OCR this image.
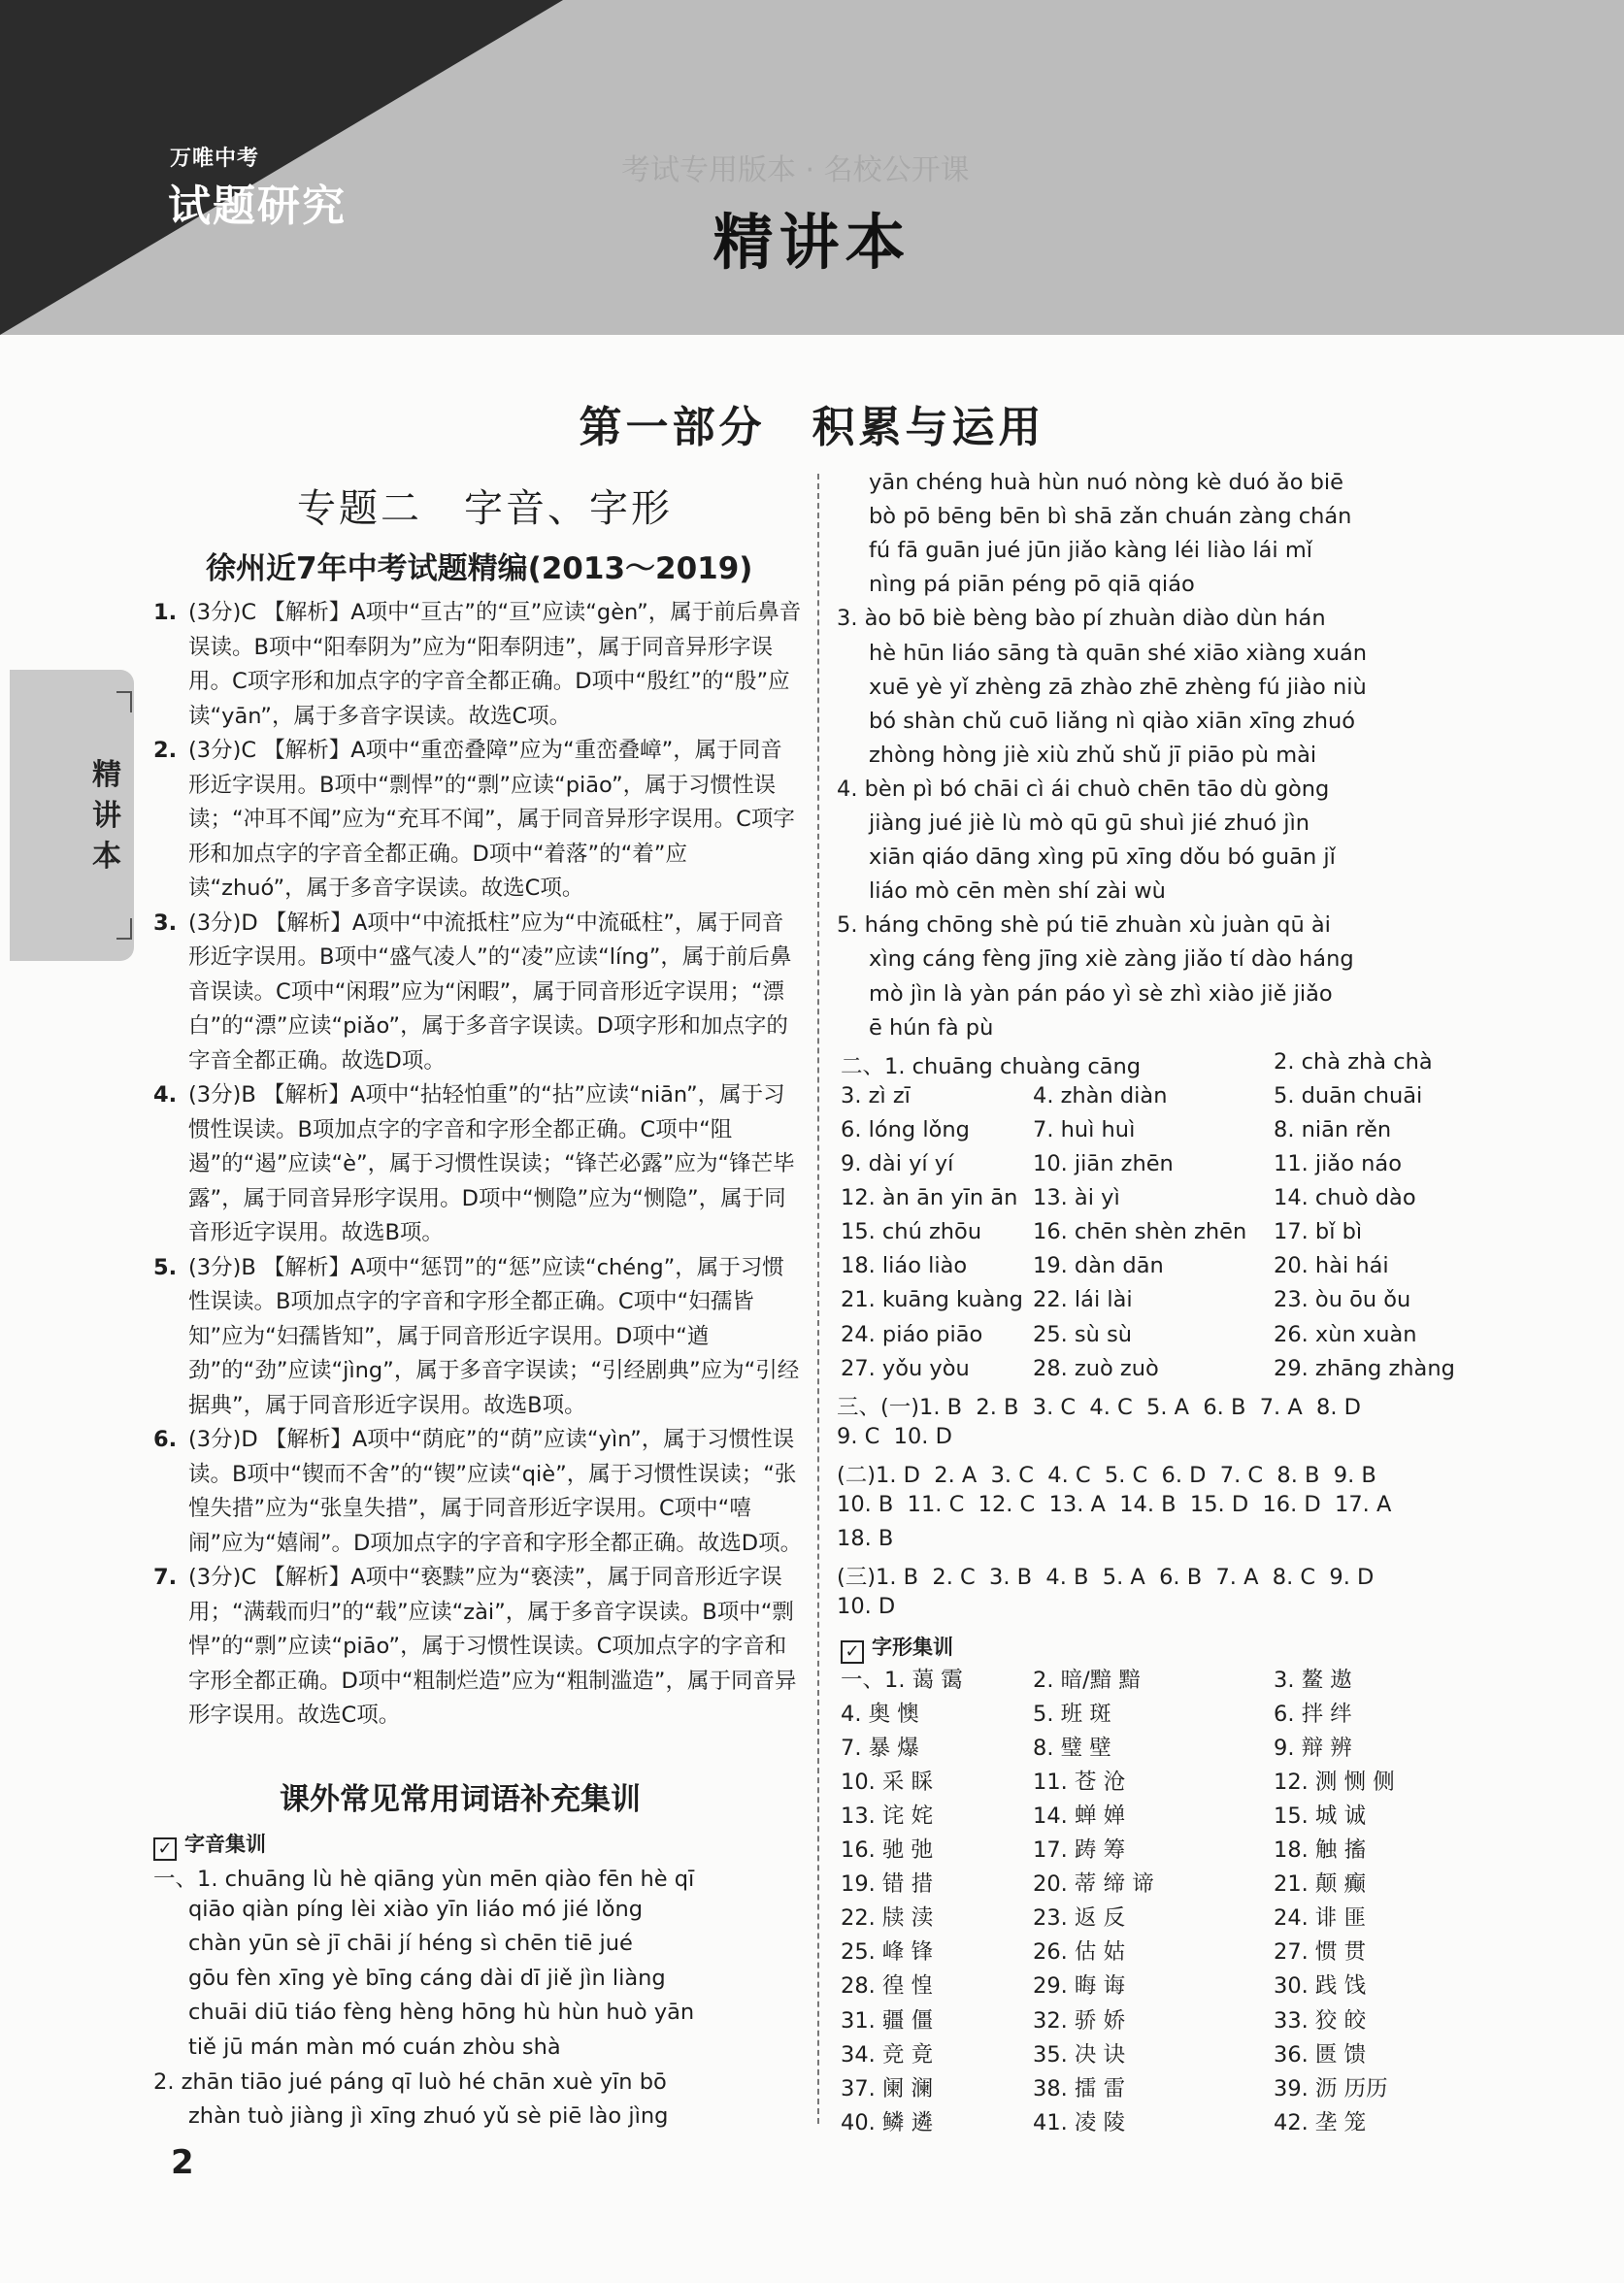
万唯中考
试题研究
考试专用版本 · 名校公开课
精讲本
精
讲
本
第一部分　积累与运用
专题二　字音、字形
徐州近7年中考试题精编(2013～2019)
1. (3分)C 【解析】A项中“亘古”的“亘”应读“gèn”，属于前后鼻音误读。B项中“阳奉阴为”应为“阳奉阴违”，属于同音异形字误用。C项字形和加点字的字音全都正确。D项中“殷红”的“殷”应读“yān”，属于多音字误读。故选C项。
2. (3分)C 【解析】A项中“重峦叠障”应为“重峦叠嶂”，属于同音形近字误用。B项中“剽悍”的“剽”应读“piāo”，属于习惯性误读；“冲耳不闻”应为“充耳不闻”，属于同音异形字误用。C项字形和加点字的字音全都正确。D项中“着落”的“着”应读“zhuó”，属于多音字误读。故选C项。
3. (3分)D 【解析】A项中“中流抵柱”应为“中流砥柱”，属于同音形近字误用。B项中“盛气凌人”的“凌”应读“líng”，属于前后鼻音误读。C项中“闲瑕”应为“闲暇”，属于同音形近字误用；“漂白”的“漂”应读“piǎo”，属于多音字误读。D项字形和加点字的字音全都正确。故选D项。
4. (3分)B 【解析】A项中“拈轻怕重”的“拈”应读“niān”，属于习惯性误读。B项加点字的字音和字形全都正确。C项中“阻遏”的“遏”应读“è”，属于习惯性误读；“锋芒必露”应为“锋芒毕露”，属于同音异形字误用。D项中“恻隐”应为“恻隐”，属于同音形近字误用。故选B项。
5. (3分)B 【解析】A项中“惩罚”的“惩”应读“chéng”，属于习惯性误读。B项加点字的字音和字形全都正确。C项中“妇孺皆知”应为“妇孺皆知”，属于同音形近字误用。D项中“遒劲”的“劲”应读“jìng”，属于多音字误读；“引经剧典”应为“引经据典”，属于同音形近字误用。故选B项。
6. (3分)D 【解析】A项中“荫庇”的“荫”应读“yìn”，属于习惯性误读。B项中“锲而不舍”的“锲”应读“qiè”，属于习惯性误读；“张惶失措”应为“张皇失措”，属于同音形近字误用。C项中“嘻闹”应为“嬉闹”。D项加点字的字音和字形全都正确。故选D项。
7. (3分)C 【解析】A项中“亵黩”应为“亵渎”，属于同音形近字误用；“满载而归”的“载”应读“zài”，属于多音字误读。B项中“剽悍”的“剽”应读“piāo”，属于习惯性误读。C项加点字的字音和字形全都正确。D项中“粗制烂造”应为“粗制滥造”，属于同音异形字误用。故选C项。
课外常见常用词语补充集训
✓ 字音集训
一、1. chuāng lù hè qiāng yùn mēn qiào fēn hè qī
qiāo qiàn píng lèi xiào yīn liáo mó jié lǒng
chàn yūn sè jī chāi jí héng sì chēn tiē jué
gōu fèn xīng yè bīng cáng dài dī jiě jìn liàng
chuāi diū tiáo fèng hèng hōng hù hùn huò yān
tiě jū mán màn mó cuán zhòu shà
2. zhān tiāo jué páng qī luò hé chān xuè yīn bō
zhàn tuò jiàng jì xīng zhuó yǔ sè piē lào jìng
yān chéng huà hùn nuó nòng kè duó ǎo biē
bò pō bēng bēn bì shā zǎn chuán zàng chán
fú fā guān jué jūn jiǎo kàng léi liào lái mǐ
nìng pá piān péng pō qiā qiáo
3. ào bō biè bèng bào pí zhuàn diào dùn hán
hè hūn liáo sāng tà quān shé xiāo xiàng xuán
xuē yè yǐ zhèng zā zhào zhē zhèng fú jiào niù
bó shàn chǔ cuō liǎng nì qiào xiān xīng zhuó
zhòng hòng jiè xiù zhǔ shǔ jī piāo pù mài
4. bèn pì bó chāi cì ái chuò chēn tāo dù gòng
jiàng jué jiè lù mò qū gū shuì jié zhuó jìn
xiān qiáo dāng xìng pū xīng dǒu bó guān jǐ
liáo mò cēn mèn shí zài wù
5. háng chōng shè pú tiē zhuàn xù juàn qū ài
xìng cáng fèng jīng xiè zàng jiǎo tí dào háng
mò jìn là yàn pán páo yì sè zhì xiào jiě jiǎo
ē hún fà pù
二、1. chuāng chuàng cāng	2. chà zhà chà
3. zì zī	4. zhàn diàn	5. duān chuāi
6. lóng lǒng	7. huì huì	8. niān rěn
9. dài yí yí	10. jiān zhēn	11. jiǎo náo
12. àn ān yīn ān 13. ài yì	14. chuò dào
15. chú zhōu 16. chēn shèn zhēn 17. bǐ bì
18. liáo liào	19. dàn dān	20. hài hái
21. kuāng kuàng 22. lái lài	23. òu ōu ǒu
24. piáo piāo 25. sù sù	26. xùn xuàn
27. yǒu yòu	28. zuò zuò	29. zhāng zhàng
三、(一)1. B  2. B  3. C  4. C  5. A  6. B  7. A  8. D
9. C  10. D
(二)1. D  2. A  3. C  4. C  5. C  6. D  7. C  8. B  9. B
10. B  11. C  12. C  13. A  14. B  15. D  16. D  17. A
18. B
(三)1. B  2. C  3. B  4. B  5. A  6. B  7. A  8. C  9. D
10. D
一、1. 蔼 霭	2. 暗/黯 黯	3. 鳌 遨
4. 奥 懊	5. 班 斑	6. 拌 绊
7. 暴 爆	8. 璧 壁	9. 辩 辨
10. 采 睬	11. 苍 沧	12. 测 恻 侧
13. 诧 姹	14. 蝉 婵	15. 城 诚
16. 驰 弛	17. 踌 筹	18. 触 搐
19. 错 措	20. 蒂 缔 谛	21. 颠 癫
22. 牍 渎	23. 返 反	24. 诽 匪
25. 峰 锋	26. 估 姑	27. 惯 贯
28. 徨 惶	29. 晦 诲	30. 践 饯
31. 疆 僵	32. 骄 娇	33. 狡 皎
34. 竞 竟	35. 决 诀	36. 匮 馈
37. 阑 澜	38. 擂 雷	39. 沥 历历
40. 鳞 遴	41. 凌 陵	42. 垄 笼
✓ 字形集训
2
